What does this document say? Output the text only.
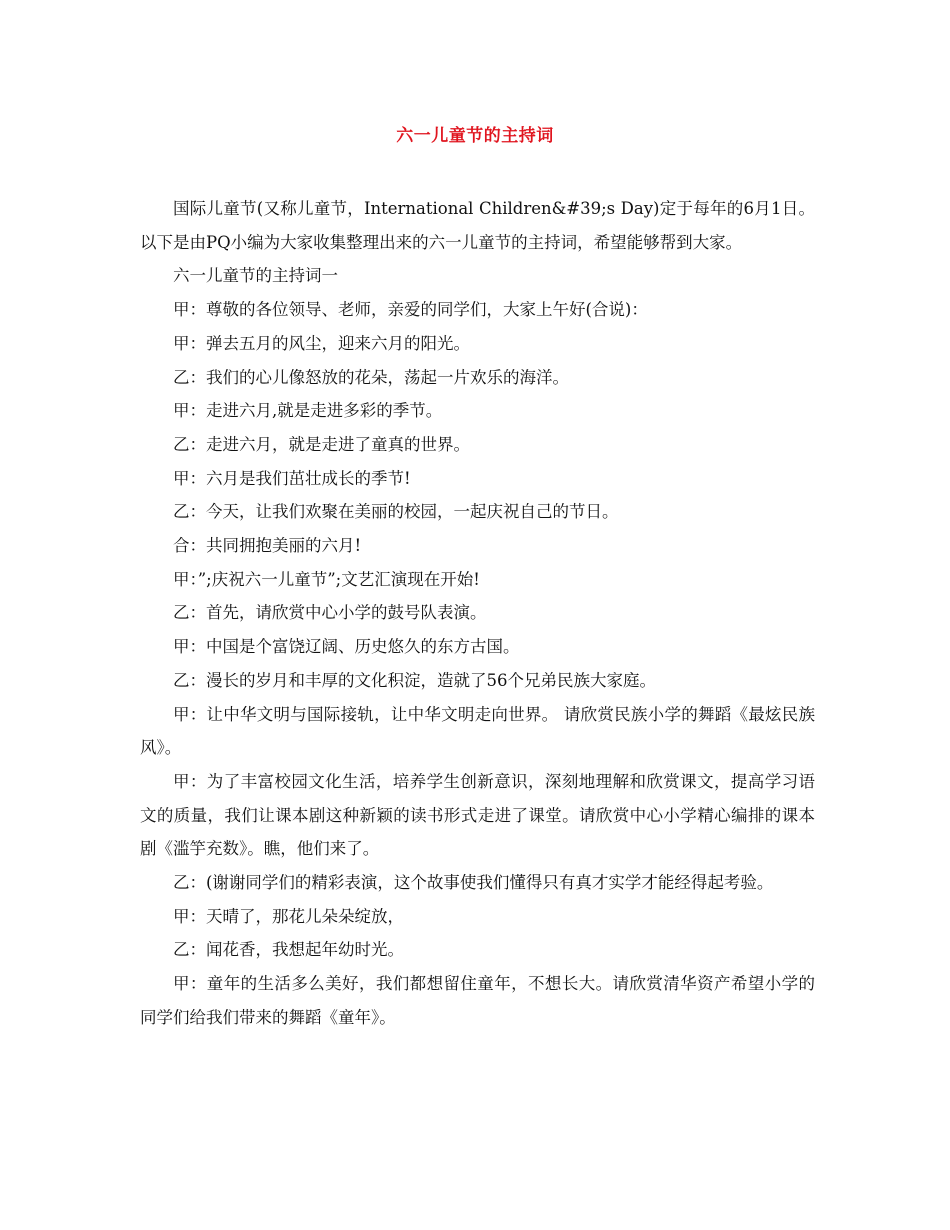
六一儿童节的主持词

国际儿童节(又称儿童节，International Children&#39;s Day)定于每年的6月1日。以下是由PQ小编为大家收集整理出来的六一儿童节的主持词，希望能够帮到大家。

六一儿童节的主持词一

甲：尊敬的各位领导、老师，亲爱的同学们，大家上午好(合说)：

甲：弹去五月的风尘，迎来六月的阳光。

乙：我们的心儿像怒放的花朵，荡起一片欢乐的海洋。

甲：走进六月,就是走进多彩的季节。

乙：走进六月，就是走进了童真的世界。

甲：六月是我们茁壮成长的季节!

乙：今天，让我们欢聚在美丽的校园，一起庆祝自己的节日。

合：共同拥抱美丽的六月!

甲：”;庆祝六一儿童节”;文艺汇演现在开始!

乙：首先，请欣赏中心小学的鼓号队表演。

甲：中国是个富饶辽阔、历史悠久的东方古国。

乙：漫长的岁月和丰厚的文化积淀，造就了56个兄弟民族大家庭。

甲：让中华文明与国际接轨，让中华文明走向世界。 请欣赏民族小学的舞蹈《最炫民族风》。

甲：为了丰富校园文化生活，培养学生创新意识，深刻地理解和欣赏课文，提高学习语文的质量，我们让课本剧这种新颖的读书形式走进了课堂。请欣赏中心小学精心编排的课本剧《滥竽充数》。瞧，他们来了。

乙：(谢谢同学们的精彩表演，这个故事使我们懂得只有真才实学才能经得起考验。

甲：天晴了，那花儿朵朵绽放，

乙：闻花香，我想起年幼时光。

甲：童年的生活多么美好，我们都想留住童年，不想长大。请欣赏清华资产希望小学的同学们给我们带来的舞蹈《童年》。
